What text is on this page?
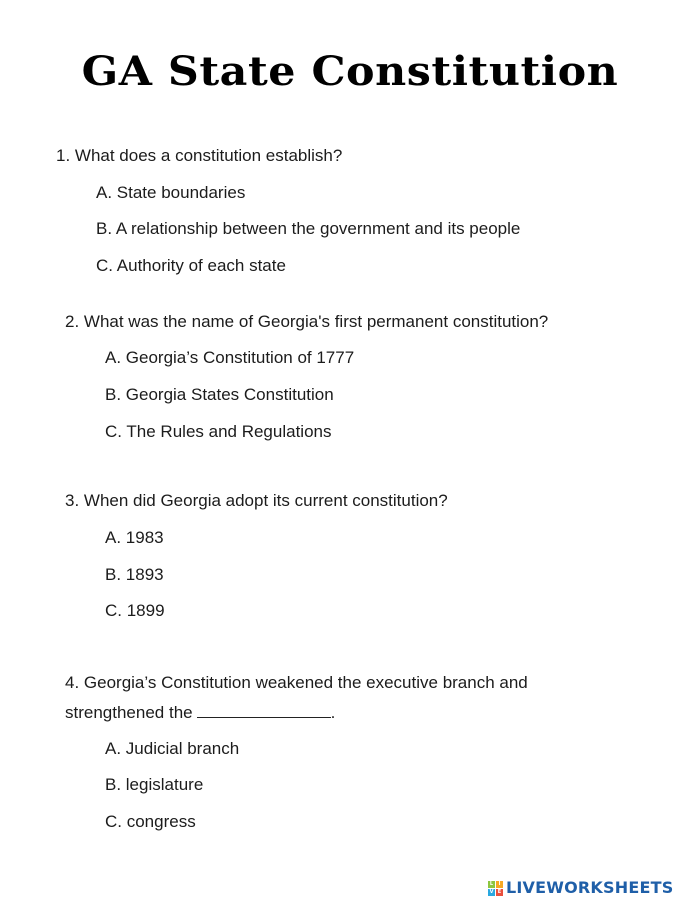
GA State Constitution
1. What does a constitution establish?
A. State boundaries
B. A relationship between the government and its people
C. Authority of each state
2. What was the name of Georgia's first permanent constitution?
A. Georgia’s Constitution of 1777
B. Georgia States Constitution
C. The Rules and Regulations
3. When did Georgia adopt its current constitution?
A. 1983
B. 1893
C. 1899
4. Georgia’s Constitution weakened the executive branch and
strengthened the	.
A. Judicial branch
B. legislature
C. congress
L	I
V E LIVEWORKSHEETS
